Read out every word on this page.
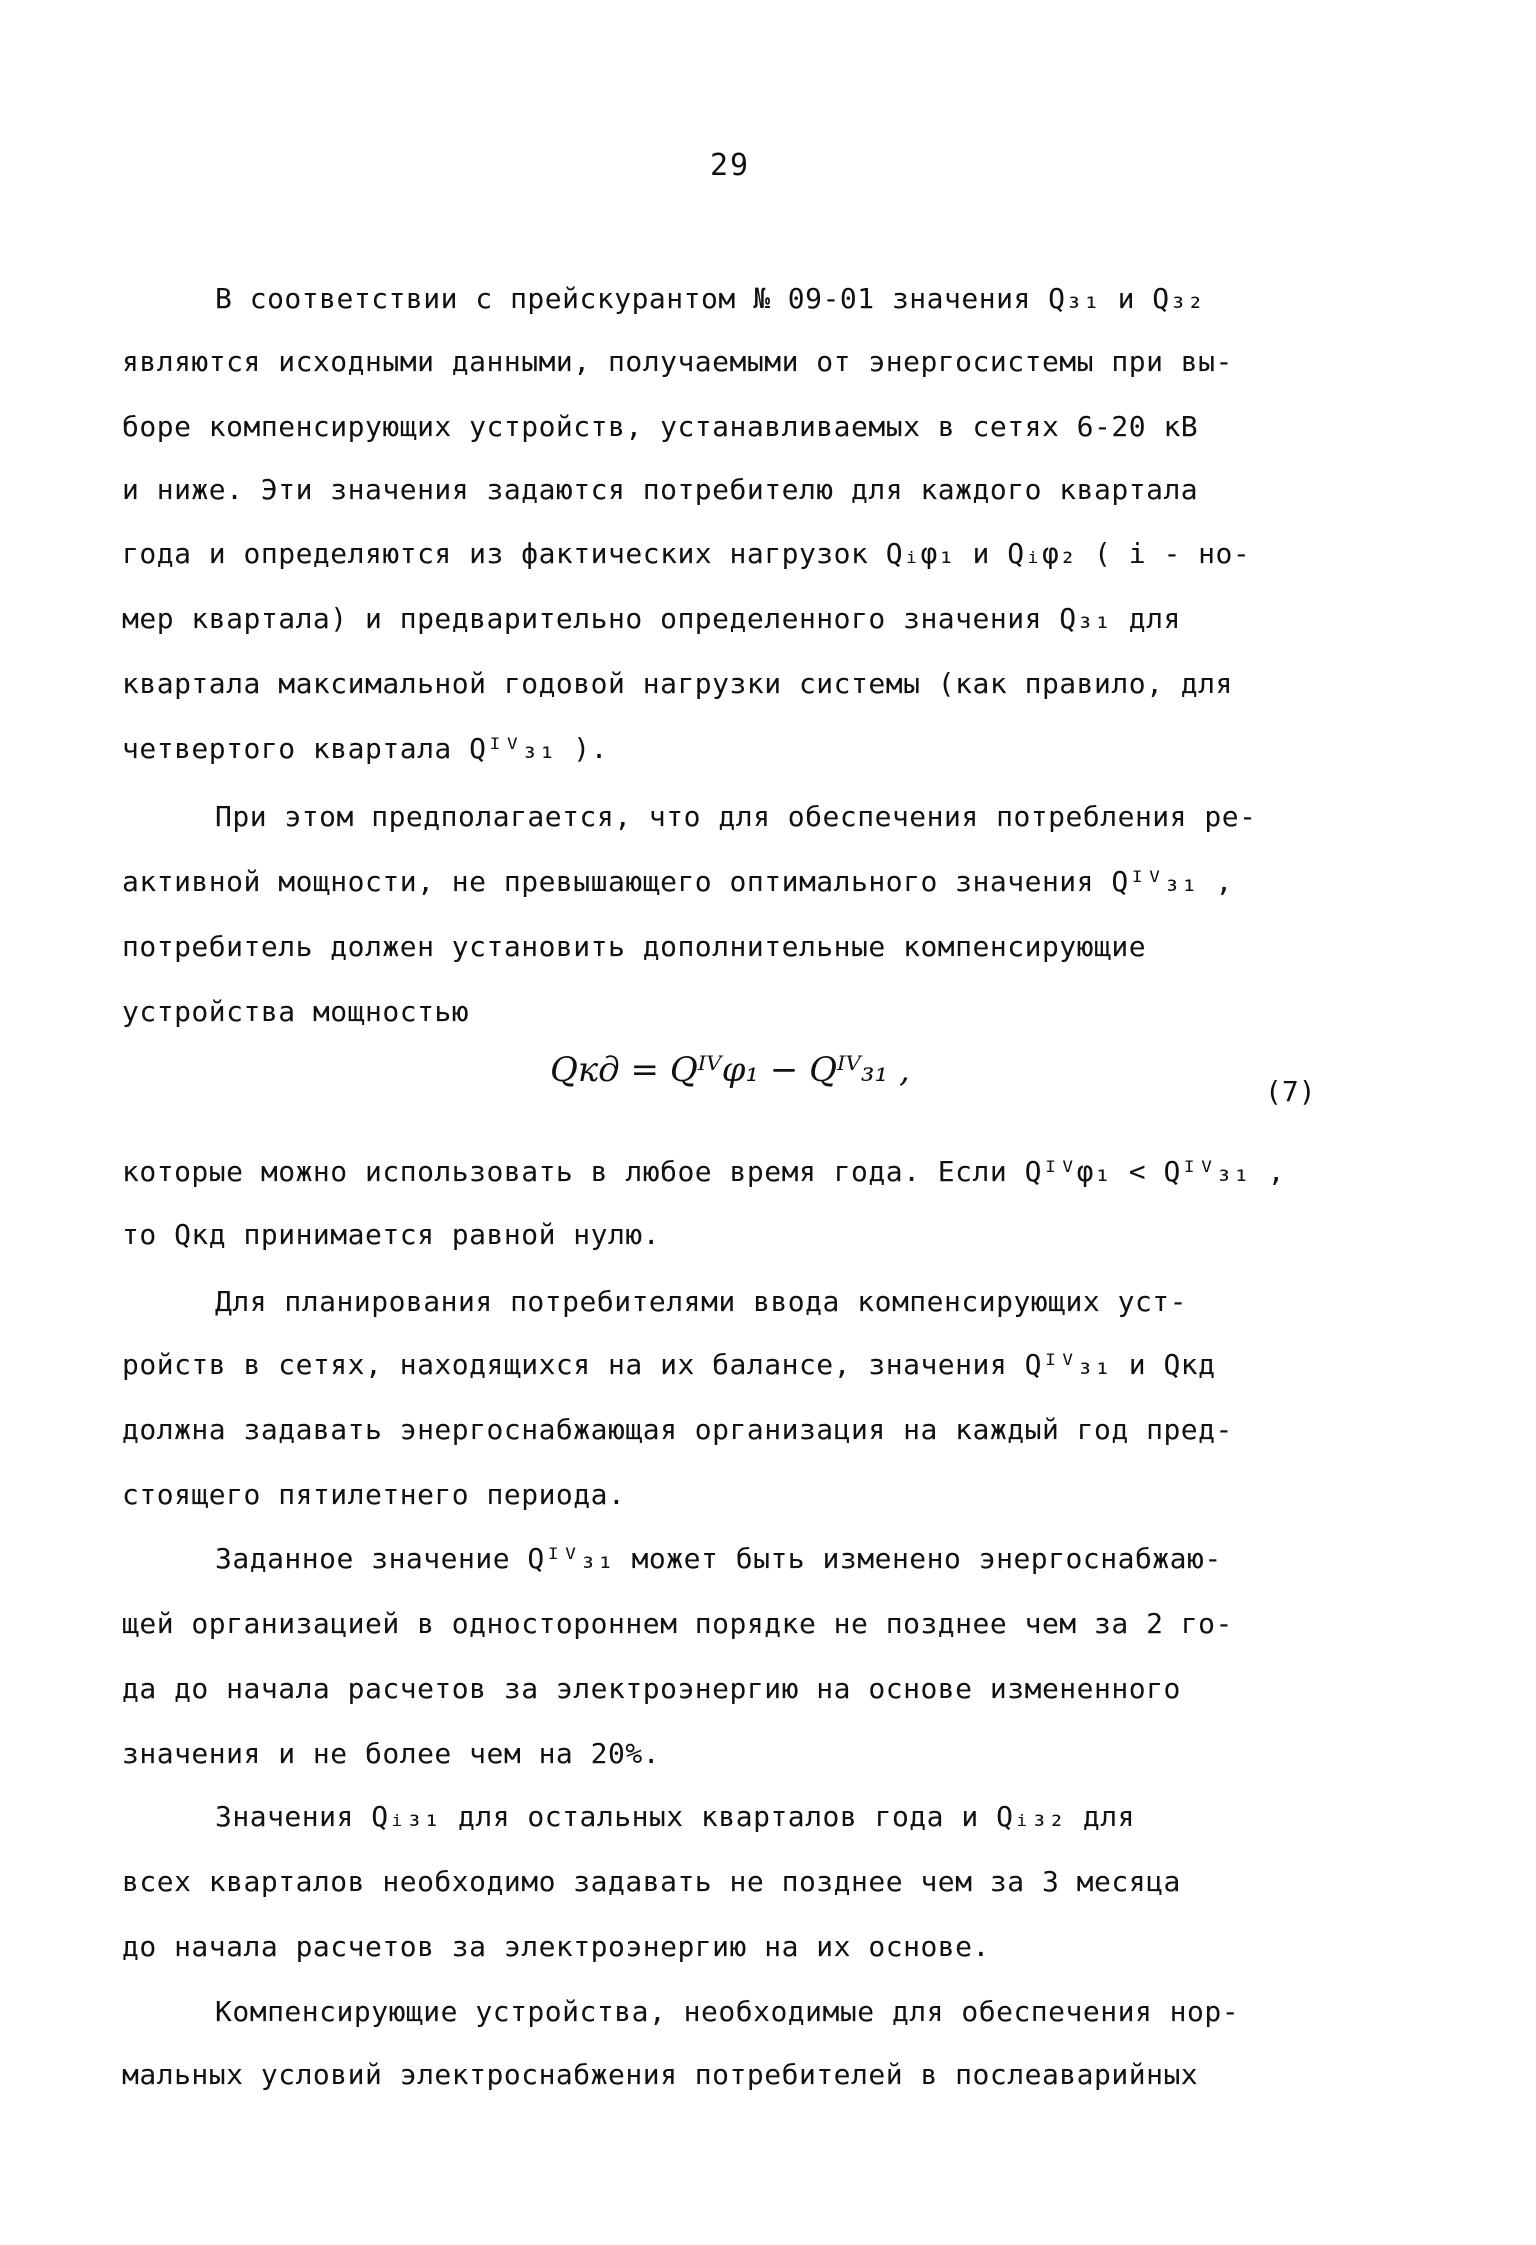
29
В соответствии с прейскурантом № 09-01 значения Q₃₁ и Q₃₂
являются исходными данными, получаемыми от энергосистемы при вы-
боре компенсирующих устройств, устанавливаемых в сетях 6-20 кВ
и ниже. Эти значения задаются потребителю для каждого квартала
года и определяются из фактических нагрузок Qᵢφ₁ и Qᵢφ₂ ( i - но-
мер квартала) и предварительно определенного значения Q₃₁ для
квартала максимальной годовой нагрузки системы (как правило, для
четвертого квартала Qᴵⱽ₃₁ ).
При этом предполагается, что для обеспечения потребления ре-
активной мощности, не превышающего оптимального значения Qᴵⱽ₃₁ ,
потребитель должен установить дополнительные компенсирующие
устройства мощностью
Qкд = Qᴵⱽφ₁ − Qᴵⱽ₃₁ ,
(7)
которые можно использовать в любое время года. Если Qᴵⱽφ₁ < Qᴵⱽ₃₁ ,
то Qкд принимается равной нулю.
Для планирования потребителями ввода компенсирующих уст-
ройств в сетях, находящихся на их балансе, значения Qᴵⱽ₃₁ и Qкд
должна задавать энергоснабжающая организация на каждый год пред-
стоящего пятилетнего периода.
Заданное значение Qᴵⱽ₃₁ может быть изменено энергоснабжаю-
щей организацией в одностороннем порядке не позднее чем за 2 го-
да до начала расчетов за электроэнергию на основе измененного
значения и не более чем на 20%.
Значения Qᵢ₃₁ для остальных кварталов года и Qᵢ₃₂ для
всех кварталов необходимо задавать не позднее чем за 3 месяца
до начала расчетов за электроэнергию на их основе.
Компенсирующие устройства, необходимые для обеспечения нор-
мальных условий электроснабжения потребителей в послеаварийных
